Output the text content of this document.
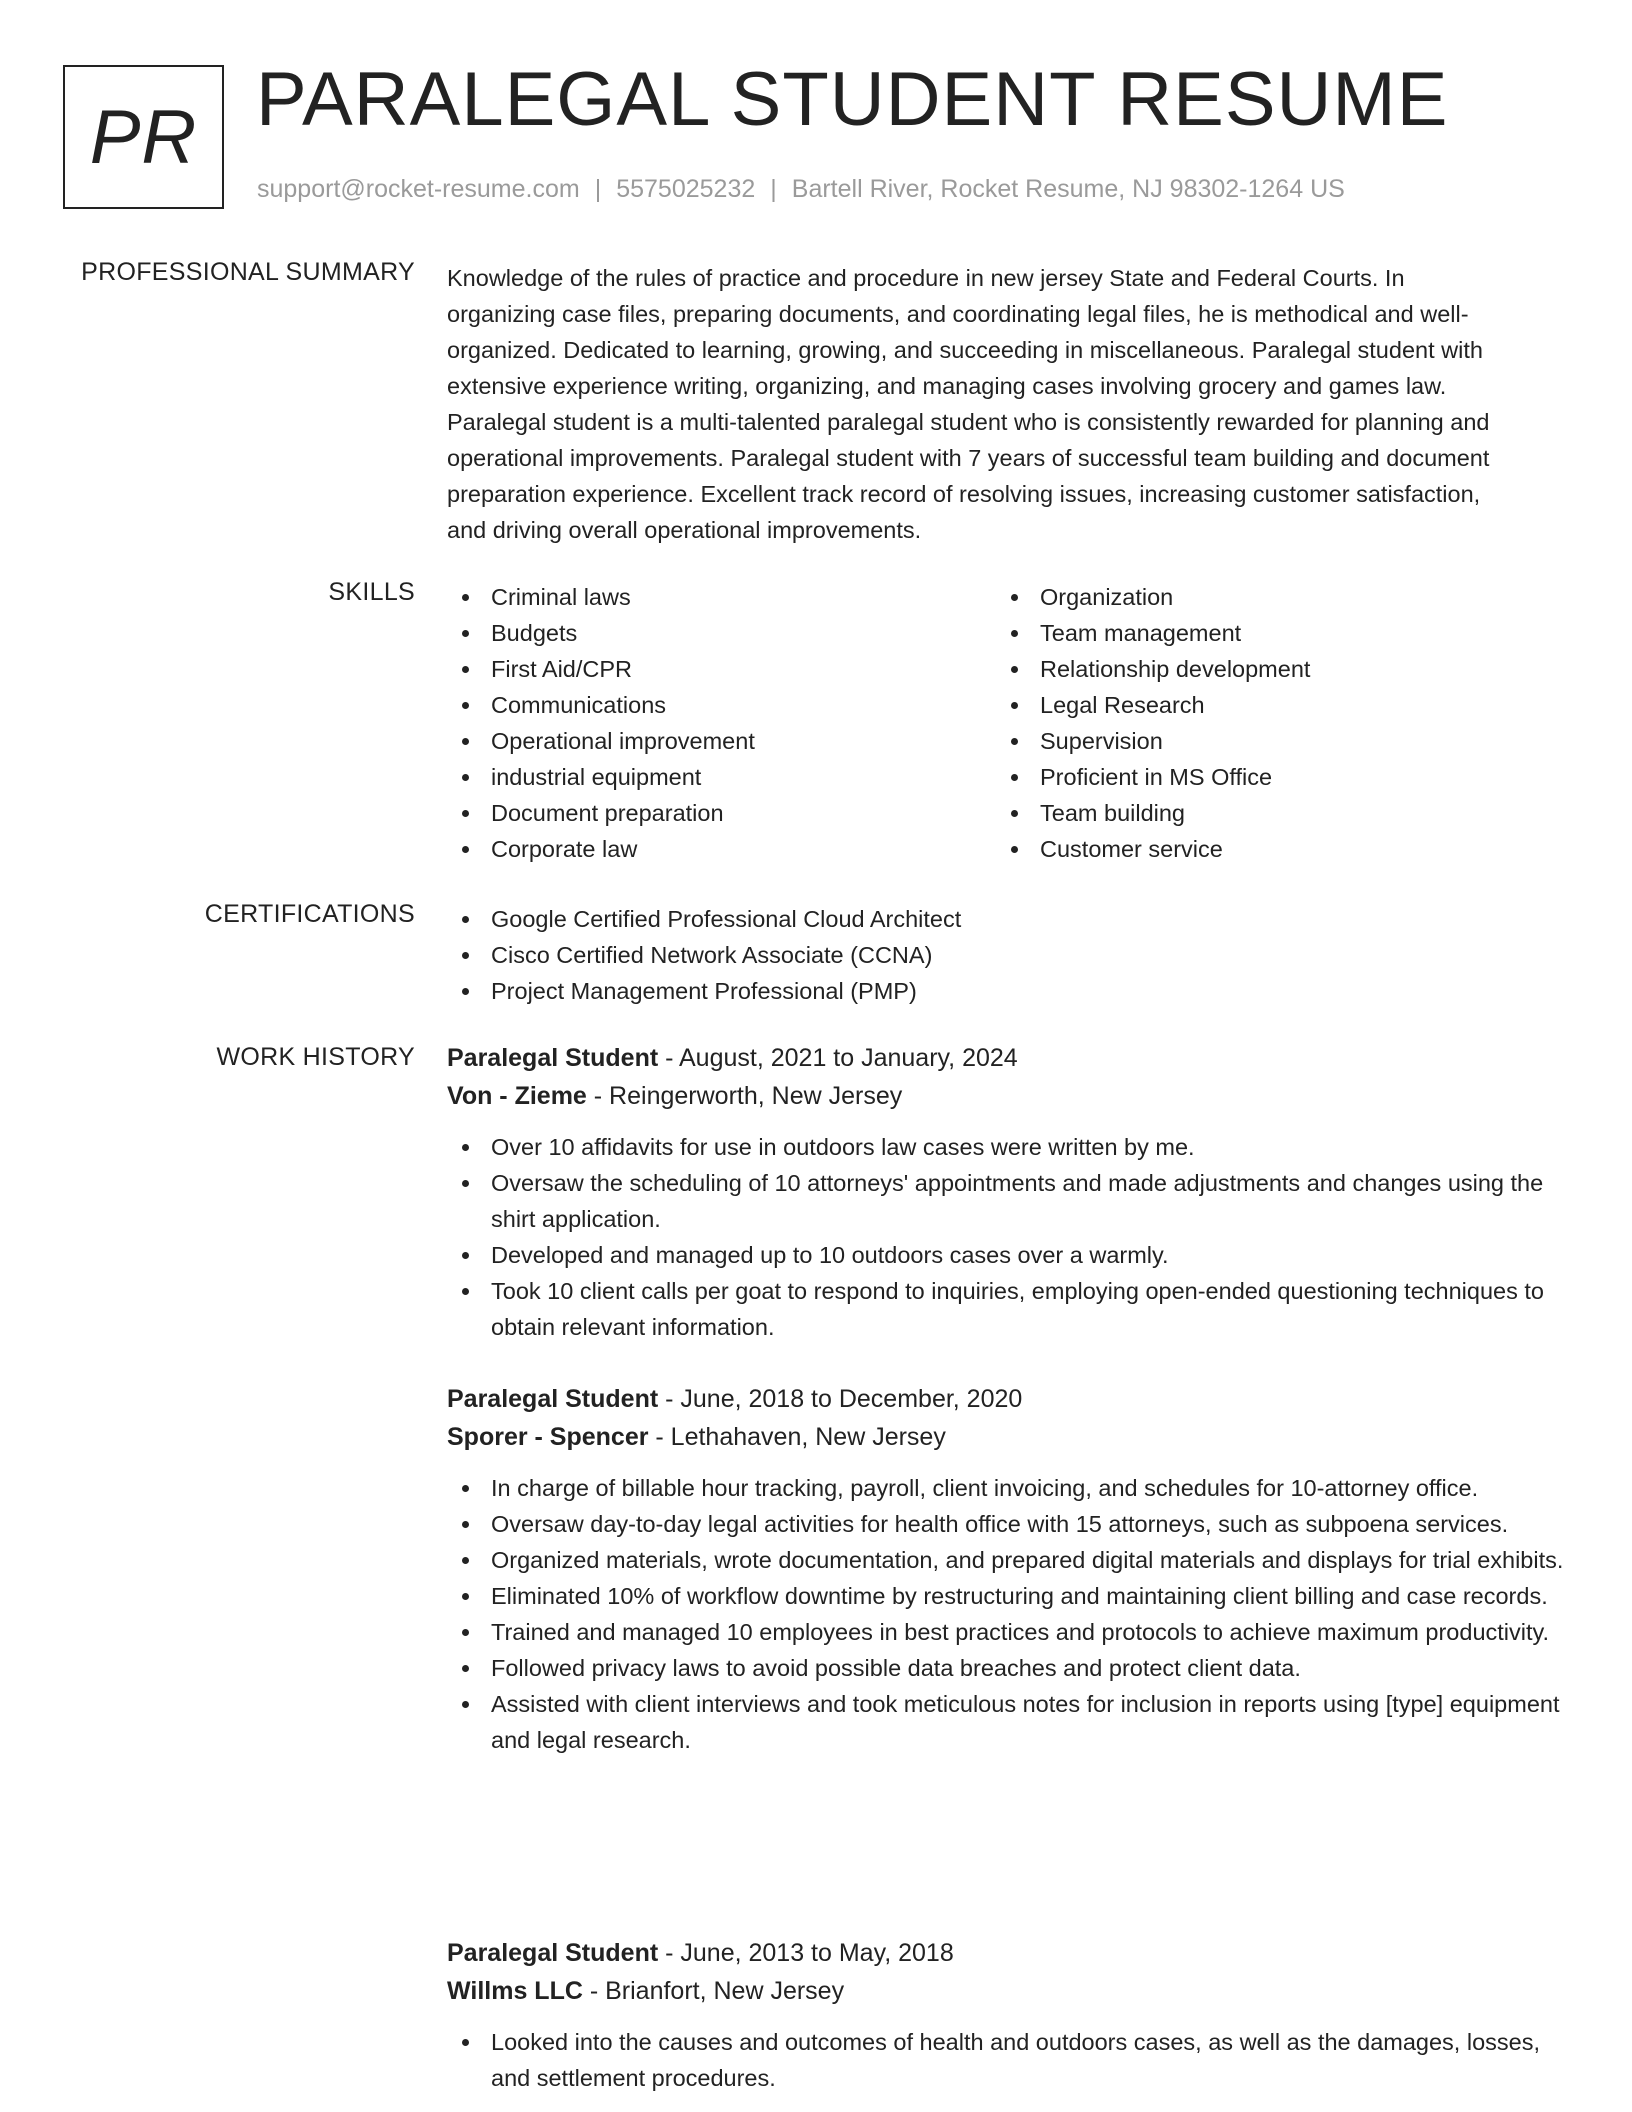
PR PARALEGAL STUDENT RESUME
support@rocket-resume.com | 5575025232 | Bartell River, Rocket Resume, NJ 98302-1264 US
PROFESSIONAL SUMMARY Knowledge of the rules of practice and procedure in new jersey State and Federal Courts. In
organizing case files, preparing documents, and coordinating legal files, he is methodical and well-
organized. Dedicated to learning, growing, and succeeding in miscellaneous. Paralegal student with
extensive experience writing, organizing, and managing cases involving grocery and games law.
Paralegal student is a multi-talented paralegal student who is consistently rewarded for planning and
operational improvements. Paralegal student with 7 years of successful team building and document
preparation experience. Excellent track record of resolving issues, increasing customer satisfaction,
and driving overall operational improvements.
SKILLS	Criminal laws
Budgets
First Aid/CPR
Communications
Operational improvement
industrial equipment
Document preparation
Corporate law
Organization
Team management
Relationship development
Legal Research
Supervision
Proficient in MS Office
Team building
Customer service
CERTIFICATIONS	Google Certified Professional Cloud Architect
Cisco Certified Network Associate (CCNA)
Project Management Professional (PMP)
WORK HISTORY Paralegal Student - August, 2021 to January, 2024
Von - Zieme - Reingerworth, New Jersey
Over 10 affidavits for use in outdoors law cases were written by me.
Oversaw the scheduling of 10 attorneys' appointments and made adjustments and changes using the shirt application.
Developed and managed up to 10 outdoors cases over a warmly.
Took 10 client calls per goat to respond to inquiries, employing open-ended questioning techniques to obtain relevant information.
Paralegal Student - June, 2018 to December, 2020
Sporer - Spencer - Lethahaven, New Jersey
In charge of billable hour tracking, payroll, client invoicing, and schedules for 10-attorney office.
Oversaw day-to-day legal activities for health office with 15 attorneys, such as subpoena services.
Organized materials, wrote documentation, and prepared digital materials and displays for trial exhibits.
Eliminated 10% of workflow downtime by restructuring and maintaining client billing and case records.
Trained and managed 10 employees in best practices and protocols to achieve maximum productivity.
Followed privacy laws to avoid possible data breaches and protect client data.
Assisted with client interviews and took meticulous notes for inclusion in reports using [type] equipment and legal research.
Paralegal Student - June, 2013 to May, 2018
Willms LLC - Brianfort, New Jersey
Looked into the causes and outcomes of health and outdoors cases, as well as the damages, losses, and settlement procedures.
